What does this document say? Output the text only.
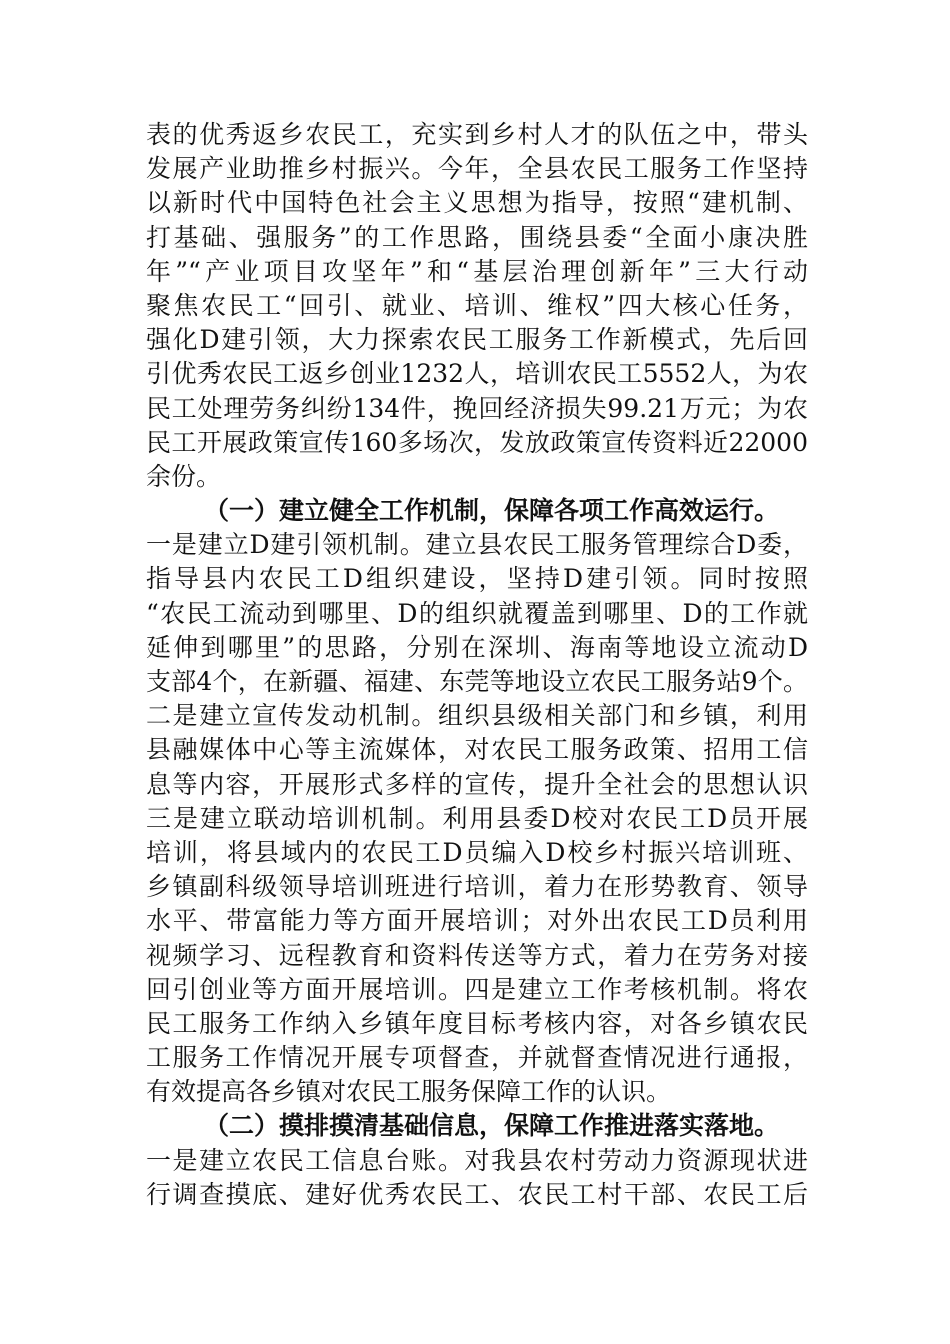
表的优秀返乡农民工，充实到乡村人才的队伍之中，带头
发展产业助推乡村振兴。今年，全县农民工服务工作坚持
以新时代中国特色社会主义思想为指导，按照“建机制、
打基础、强服务”的工作思路，围绕县委“全面小康决胜
年”“产业项目攻坚年”和“基层治理创新年”三大行动
聚焦农民工“回引、就业、培训、维权”四大核心任务，
强化D建引领，大力探索农民工服务工作新模式，先后回
引优秀农民工返乡创业1232人，培训农民工5552人，为农
民工处理劳务纠纷134件，挽回经济损失99.21万元；为农
民工开展政策宣传160多场次，发放政策宣传资料近22000
余份。
（一）建立健全工作机制，保障各项工作高效运行。
一是建立D建引领机制。建立县农民工服务管理综合D委，
指导县内农民工D组织建设，坚持D建引领。同时按照
“农民工流动到哪里、D的组织就覆盖到哪里、D的工作就
延伸到哪里”的思路，分别在深圳、海南等地设立流动D
支部4个，在新疆、福建、东莞等地设立农民工服务站9个。
二是建立宣传发动机制。组织县级相关部门和乡镇，利用
县融媒体中心等主流媒体，对农民工服务政策、招用工信
息等内容，开展形式多样的宣传，提升全社会的思想认识
三是建立联动培训机制。利用县委D校对农民工D员开展
培训，将县域内的农民工D员编入D校乡村振兴培训班、
乡镇副科级领导培训班进行培训，着力在形势教育、领导
水平、带富能力等方面开展培训；对外出农民工D员利用
视频学习、远程教育和资料传送等方式，着力在劳务对接
回引创业等方面开展培训。四是建立工作考核机制。将农
民工服务工作纳入乡镇年度目标考核内容，对各乡镇农民
工服务工作情况开展专项督查，并就督查情况进行通报，
有效提高各乡镇对农民工服务保障工作的认识。
（二）摸排摸清基础信息，保障工作推进落实落地。
一是建立农民工信息台账。对我县农村劳动力资源现状进
行调查摸底、建好优秀农民工、农民工村干部、农民工后
